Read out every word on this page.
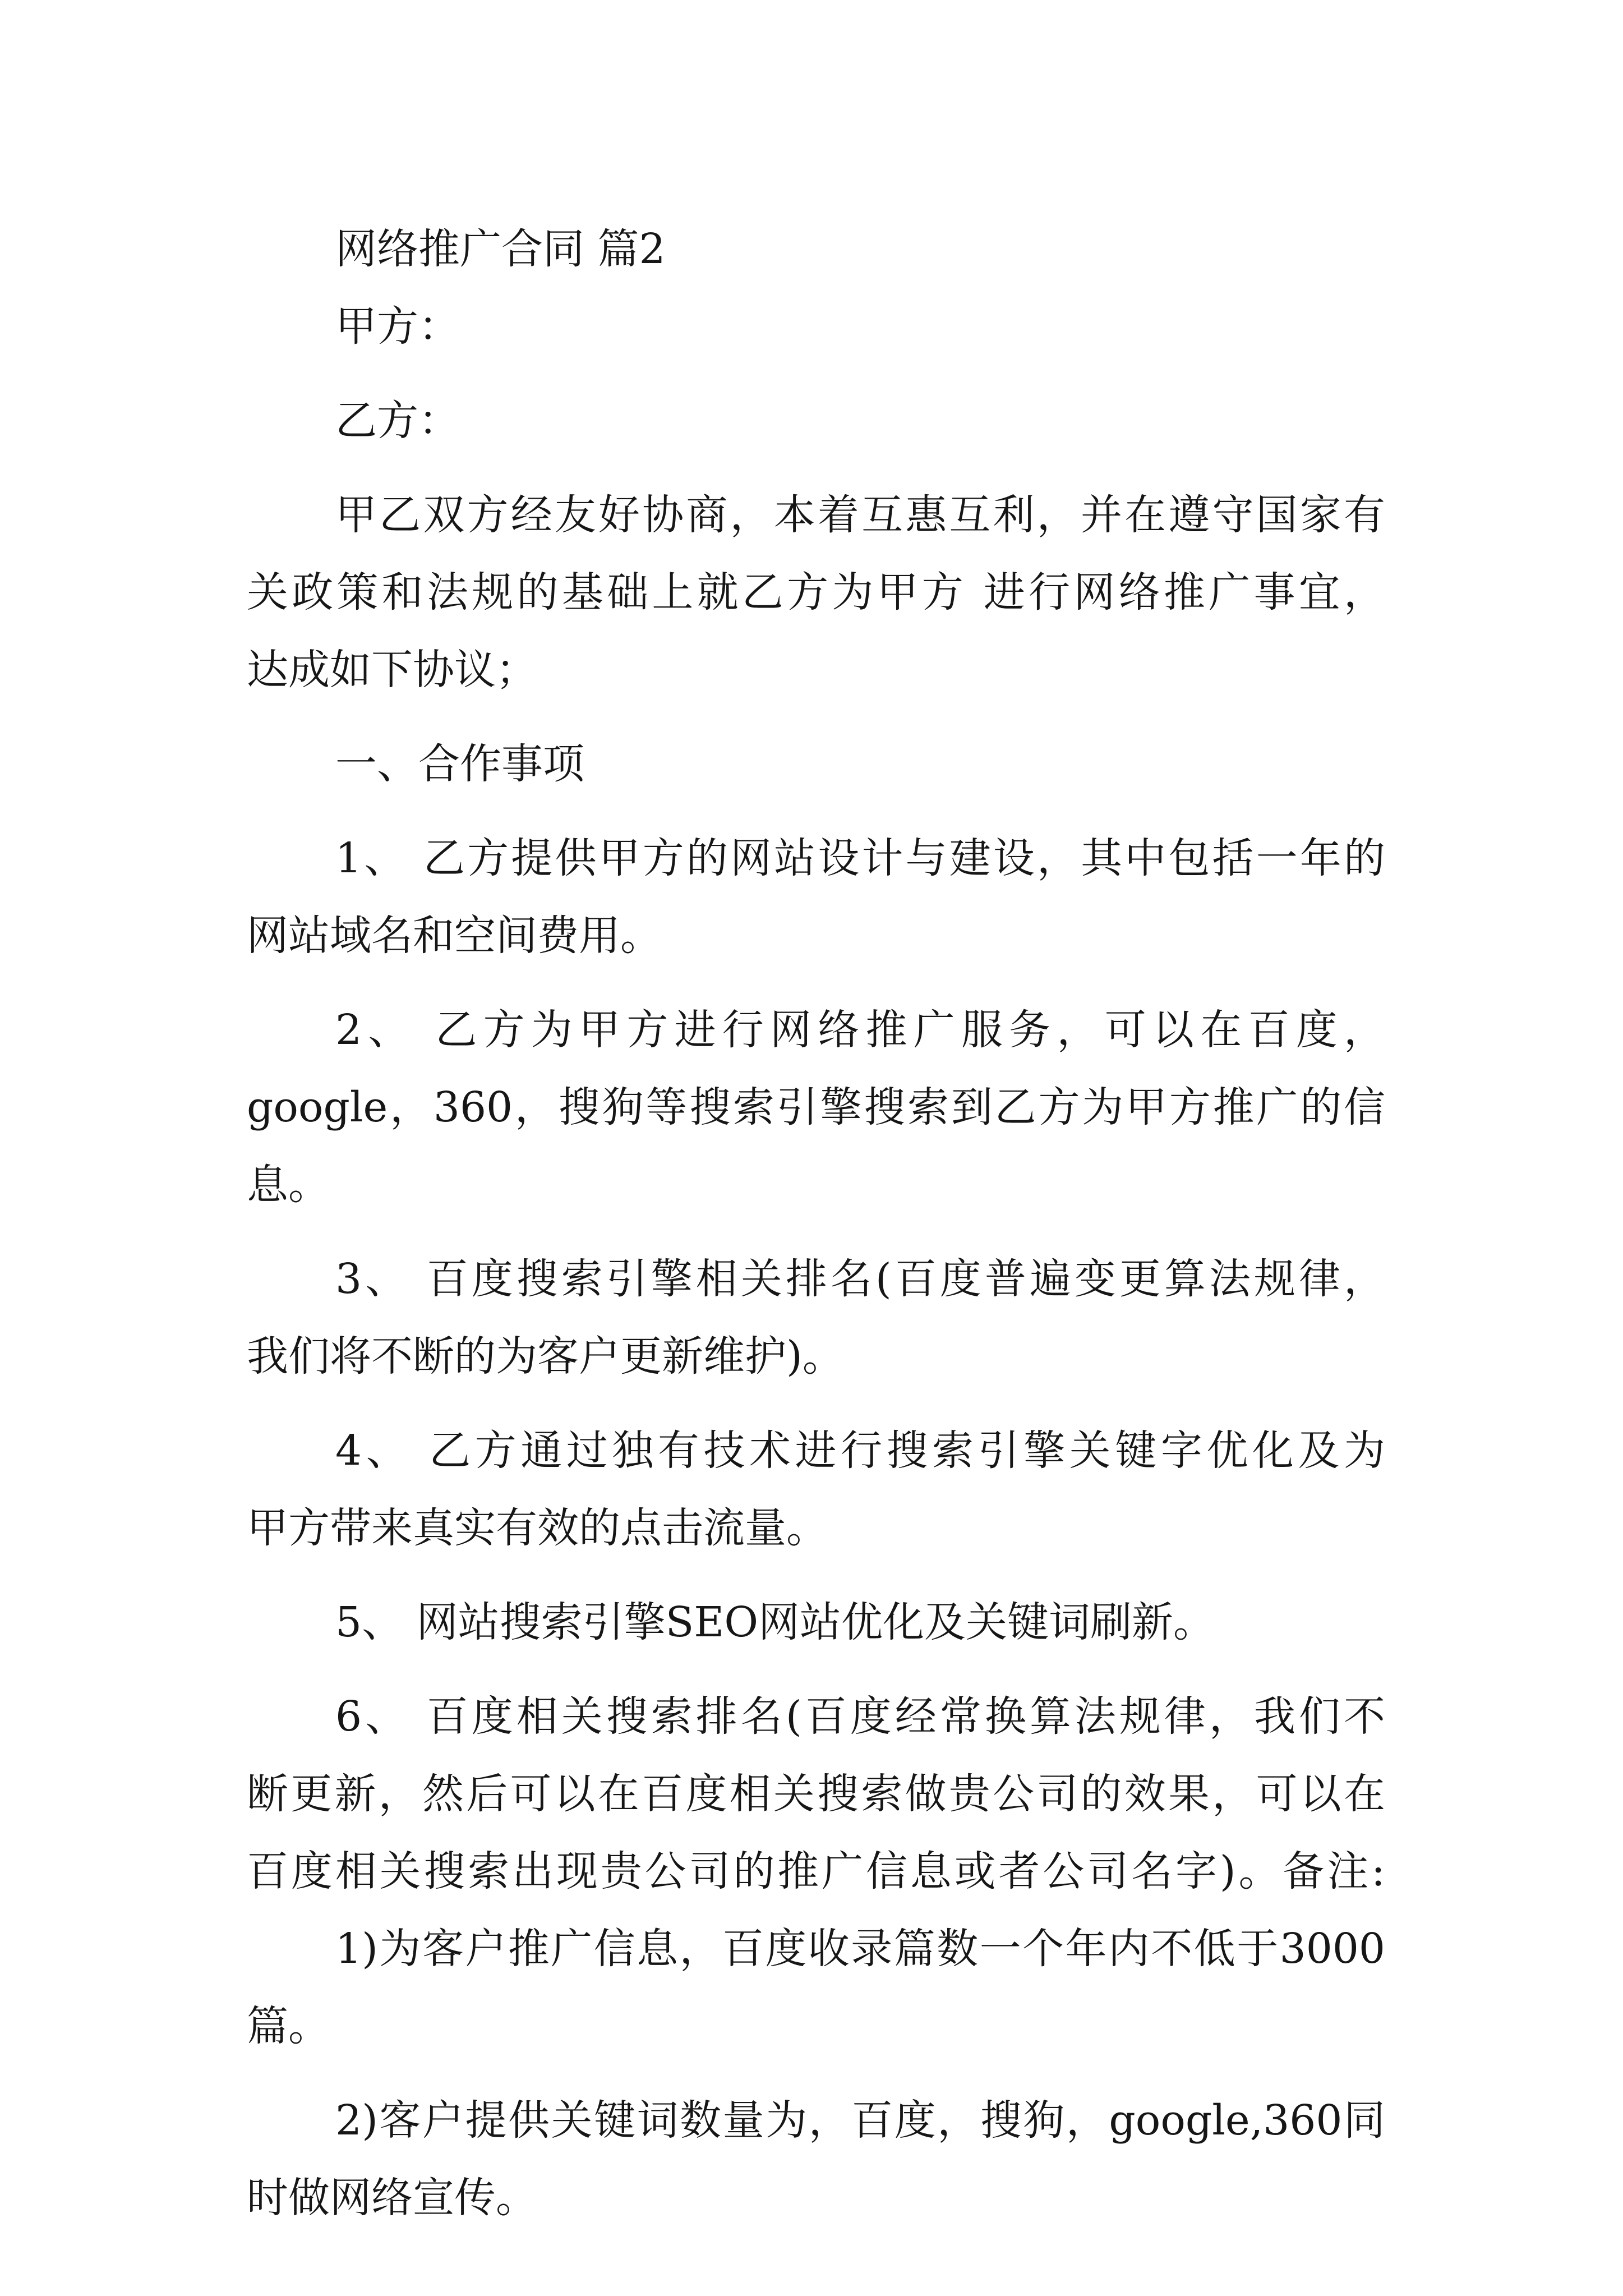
网络推广合同 篇2
甲方：
乙方：
甲乙双方经友好协商，本着互惠互利，并在遵守国家有
关政策和法规的基础上就乙方为甲方 进行网络推广事宜，
达成如下协议；
一、合作事项
1、 乙方提供甲方的网站设计与建设，其中包括一年的
网站域名和空间费用。
2、 乙方为甲方进行网络推广服务，可以在百度，
google，360，搜狗等搜索引擎搜索到乙方为甲方推广的信
息。
3、 百度搜索引擎相关排名(百度普遍变更算法规律，
我们将不断的为客户更新维护)。
4、 乙方通过独有技术进行搜索引擎关键字优化及为
甲方带来真实有效的点击流量。
5、 网站搜索引擎SEO网站优化及关键词刷新。
6、 百度相关搜索排名(百度经常换算法规律，我们不
断更新，然后可以在百度相关搜索做贵公司的效果，可以在
百度相关搜索出现贵公司的推广信息或者公司名字)。备注:
1)为客户推广信息，百度收录篇数一个年内不低于3000
篇。
2)客户提供关键词数量为，百度，搜狗，google,360同
时做网络宣传。
